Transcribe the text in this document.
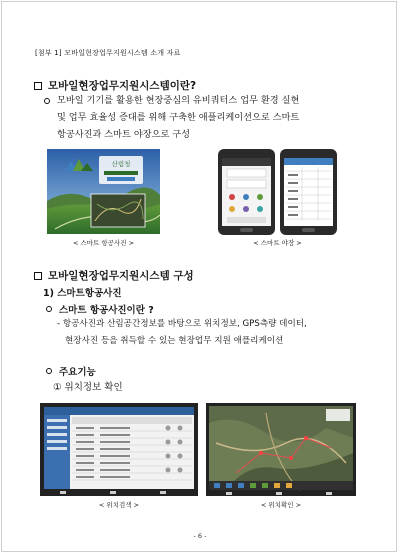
[첨부 1] 모바일현장업무지원시스템 소개 자료
모바일현장업무지원시스템이란?
모바일 기기를 활용한 현장중심의 유비쿼터스 업무 환경 실현
및 업무 효율성 증대를 위해 구축한 애플리케이션으로 스마트
항공사진과 스마트 야장으로 구성
산림청
< 스마트 항공사진 >	< 스마트 야장 >
모바일현장업무지원시스템 구성
1) 스마트항공사진
스마트 항공사진이란 ?
- 항공사진과 산림공간정보를 바탕으로 위치정보, GPS측량 데이터,
현장사진 등을 취득할 수 있는 현장업무 지원 애플리케이션
주요기능
① 위치정보 확인
< 위치검색 >	< 위치확인 >
- 6 -
